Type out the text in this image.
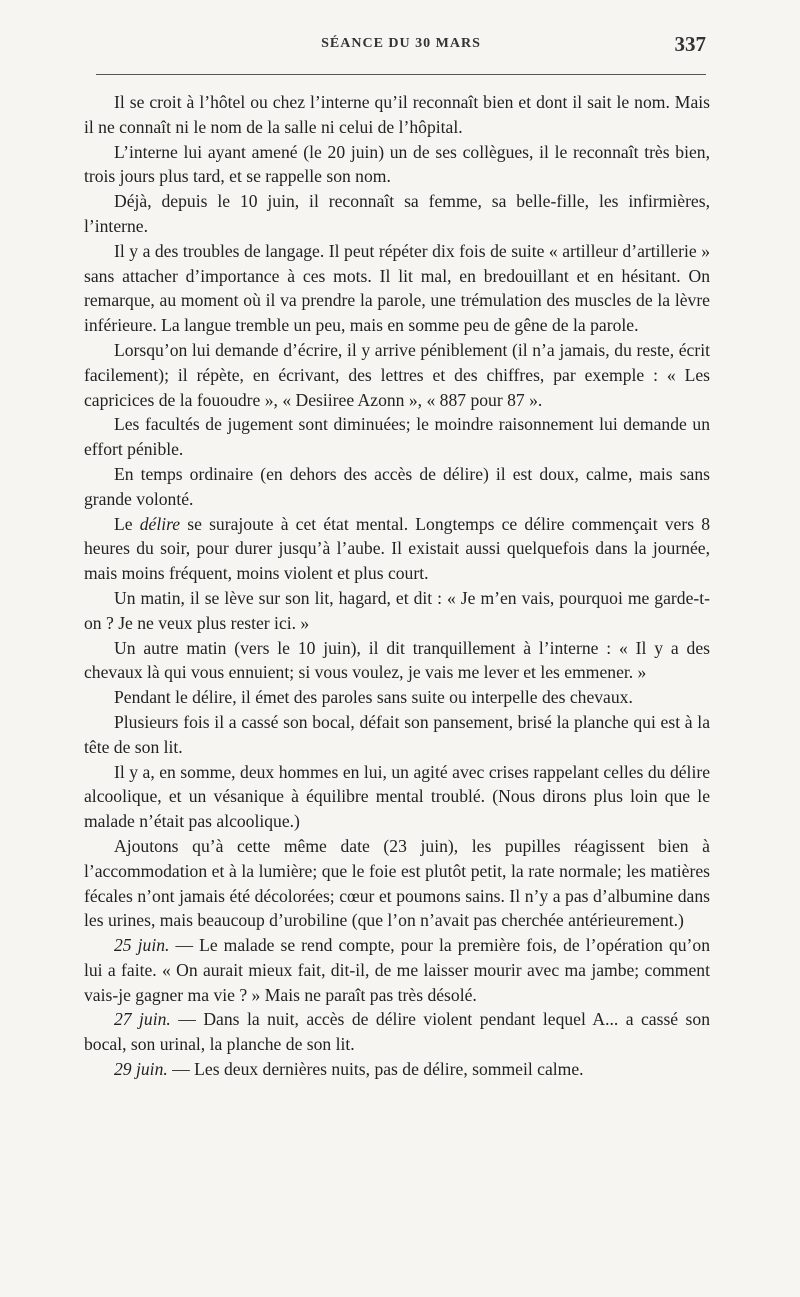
SÉANCE DU 30 MARS	337

Il se croit à l’hôtel ou chez l’interne qu’il reconnaît bien et dont il sait le nom. Mais il ne connaît ni le nom de la salle ni celui de l’hôpital.

L’interne lui ayant amené (le 20 juin) un de ses collègues, il le reconnaît très bien, trois jours plus tard, et se rappelle son nom.

Déjà, depuis le 10 juin, il reconnaît sa femme, sa belle-fille, les infirmières, l’interne.

Il y a des troubles de langage. Il peut répéter dix fois de suite « artilleur d’artillerie » sans attacher d’importance à ces mots. Il lit mal, en bredouillant et en hésitant. On remarque, au moment où il va prendre la parole, une trémulation des muscles de la lèvre inférieure. La langue tremble un peu, mais en somme peu de gêne de la parole.

Lorsqu’on lui demande d’écrire, il y arrive péniblement (il n’a jamais, du reste, écrit facilement); il répète, en écrivant, des lettres et des chiffres, par exemple : « Les capricices de la fououdre », « Desiiree Azonn », « 887 pour 87 ».

Les facultés de jugement sont diminuées; le moindre raisonnement lui demande un effort pénible.

En temps ordinaire (en dehors des accès de délire) il est doux, calme, mais sans grande volonté.

Le délire se surajoute à cet état mental. Longtemps ce délire commençait vers 8 heures du soir, pour durer jusqu’à l’aube. Il existait aussi quelquefois dans la journée, mais moins fréquent, moins violent et plus court.

Un matin, il se lève sur son lit, hagard, et dit : « Je m’en vais, pourquoi me garde-t-on ? Je ne veux plus rester ici. »

Un autre matin (vers le 10 juin), il dit tranquillement à l’interne : « Il y a des chevaux là qui vous ennuient; si vous voulez, je vais me lever et les emmener. »

Pendant le délire, il émet des paroles sans suite ou interpelle des chevaux.

Plusieurs fois il a cassé son bocal, défait son pansement, brisé la planche qui est à la tête de son lit.

Il y a, en somme, deux hommes en lui, un agité avec crises rappelant celles du délire alcoolique, et un vésanique à équilibre mental troublé. (Nous dirons plus loin que le malade n’était pas alcoolique.)

Ajoutons qu’à cette même date (23 juin), les pupilles réagissent bien à l’accommodation et à la lumière; que le foie est plutôt petit, la rate normale; les matières fécales n’ont jamais été décolorées; cœur et poumons sains. Il n’y a pas d’albumine dans les urines, mais beaucoup d’urobiline (que l’on n’avait pas cherchée antérieurement.)

25 juin. — Le malade se rend compte, pour la première fois, de l’opération qu’on lui a faite. « On aurait mieux fait, dit-il, de me laisser mourir avec ma jambe; comment vais-je gagner ma vie ? » Mais ne paraît pas très désolé.

27 juin. — Dans la nuit, accès de délire violent pendant lequel A... a cassé son bocal, son urinal, la planche de son lit.

29 juin. — Les deux dernières nuits, pas de délire, sommeil calme.
